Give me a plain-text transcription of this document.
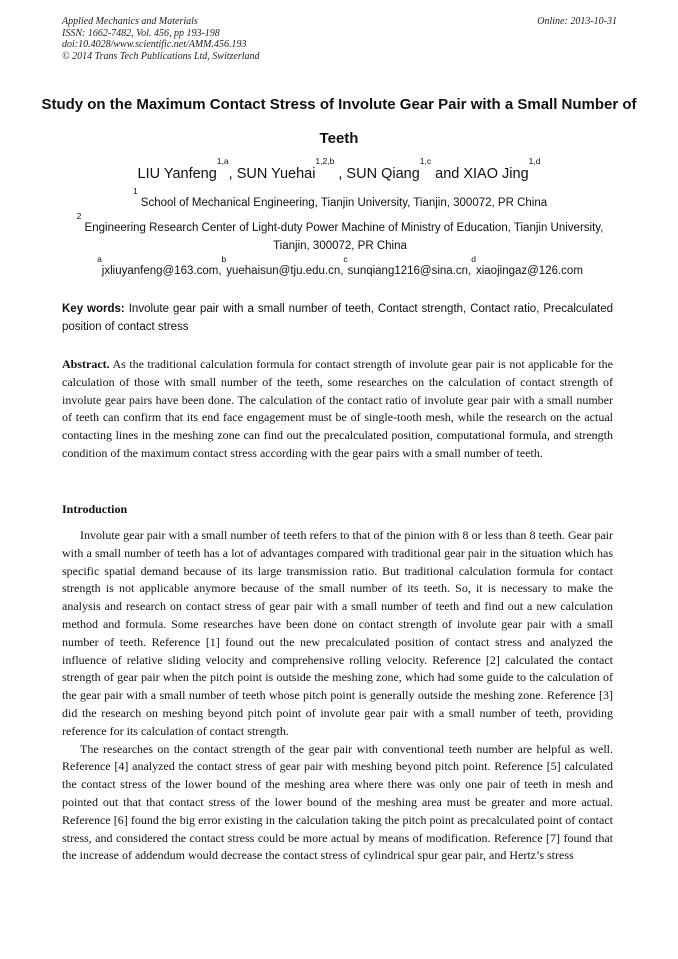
Applied Mechanics and Materials
ISSN: 1662-7482, Vol. 456, pp 193-198
doi:10.4028/www.scientific.net/AMM.456.193
© 2014 Trans Tech Publications Ltd, Switzerland
Online: 2013-10-31
Study on the Maximum Contact Stress of Involute Gear Pair with a Small Number of Teeth
LIU Yanfeng$^{1,a}$, SUN Yuehai$^{1,2,b}$ , SUN Qiang$^{1,c}$ and XIAO Jing$^{1,d}$
$^1$ School of Mechanical Engineering, Tianjin University, Tianjin, 300072, PR China
$^2$ Engineering Research Center of Light-duty Power Machine of Ministry of Education, Tianjin University, Tianjin, 300072, PR China
$^a$jxliuyanfeng@163.com,$^b$yuehaisun@tju.edu.cn,$^c$sunqiang1216@sina.cn,$^d$xiaojingaz@126.com
Key words: Involute gear pair with a small number of teeth, Contact strength, Contact ratio, Precalculated position of contact stress
Abstract. As the traditional calculation formula for contact strength of involute gear pair is not applicable for the calculation of those with small number of the teeth, some researches on the calculation of contact strength of involute gear pairs have been done. The calculation of the contact ratio of involute gear pair with a small number of teeth can confirm that its end face engagement must be of single-tooth mesh, while the research on the actual contacting lines in the meshing zone can find out the precalculated position, computational formula, and strength condition of the maximum contact stress according with the gear pairs with a small number of teeth.
Introduction

Involute gear pair with a small number of teeth refers to that of the pinion with 8 or less than 8 teeth. Gear pair with a small number of teeth has a lot of advantages compared with traditional gear pair in the situation which has specific spatial demand because of its large transmission ratio. But traditional calculation formula for contact strength is not applicable anymore because of the small number of its teeth. So, it is necessary to make the analysis and research on contact stress of gear pair with a small number of teeth and find out a new calculation method and formula. Some researches have been done on contact strength of involute gear pair with a small number of teeth. Reference [1] found out the new precalculated position of contact stress and analyzed the influence of relative sliding velocity and comprehensive rolling velocity. Reference [2] calculated the contact strength of gear pair when the pitch point is outside the meshing zone, which had some guide to the calculation of the gear pair with a small number of teeth whose pitch point is generally outside the meshing zone. Reference [3] did the research on meshing beyond pitch point of involute gear pair with a small number of teeth, providing reference for its calculation of contact strength.

The researches on the contact strength of the gear pair with conventional teeth number are helpful as well. Reference [4] analyzed the contact stress of gear pair with meshing beyond pitch point. Reference [5] calculated the contact stress of the lower bound of the meshing area where there was only one pair of teeth in mesh and pointed out that that contact stress of the lower bound of the meshing area must be greater and more actual. Reference [6] found the big error existing in the calculation taking the pitch point as precalculated point of contact stress, and considered the contact stress could be more actual by means of modification. Reference [7] found that the increase of addendum would decrease the contact stress of cylindrical spur gear pair, and Hertz’s stress
